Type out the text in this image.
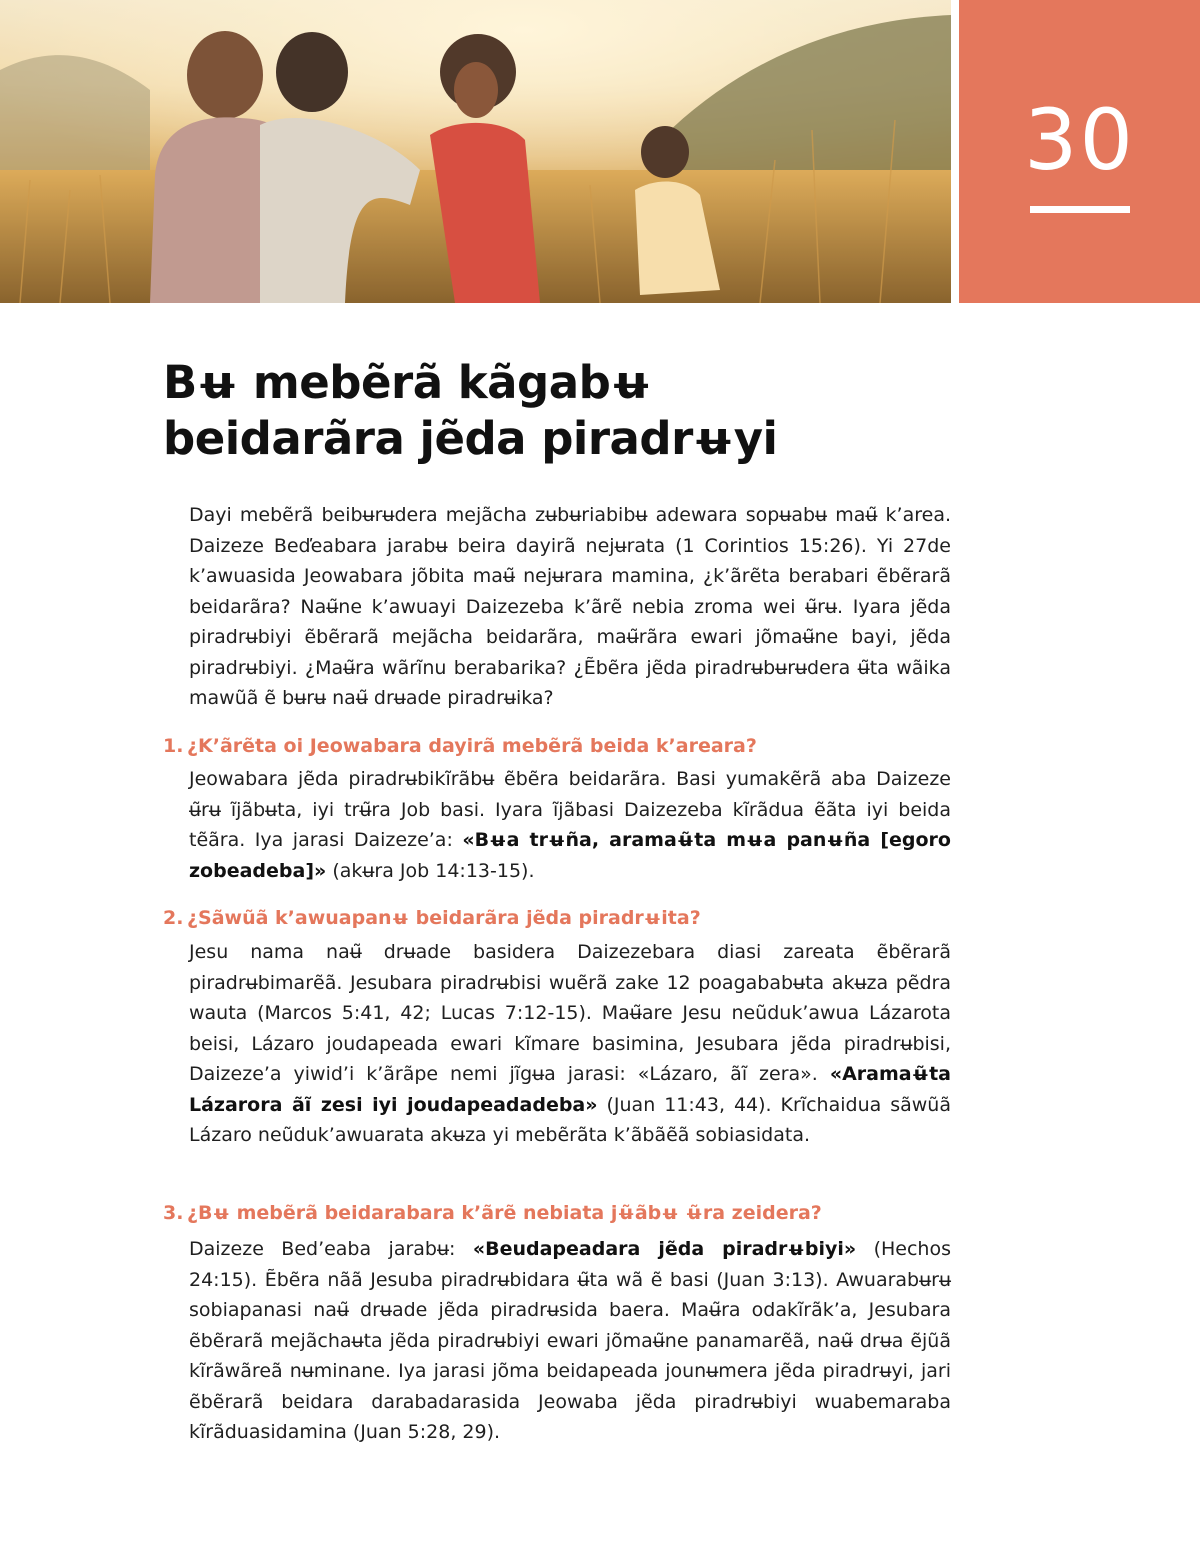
30
Bʉ mebẽrã kãgabʉ
beidarãra jẽda piradrʉyi

Dayi mebẽrã beibʉrʉdera mejãcha zʉbʉriabibʉ adewara sopʉabʉ maʉ̃ k’area. Daizeze Beďeabara jarabʉ beira dayirã nejʉrata (1 Corintios 15:26). Yi 27de k’awuasida Jeowabara jõbita maʉ̃ nejʉrara mamina, ¿k’ãrẽta berabari ẽbẽrarã beidarãra? Naʉ̃ne k’awuayi Daizezeba k’ãrẽ nebia zroma wei ʉ̃rʉ. Iyara jẽda piradrʉbiyi ẽbẽrarã mejãcha beidarãra, maʉ̃rãra ewari jõmaʉ̃ne bayi, jẽda piradrʉbiyi. ¿Maʉ̃ra wãrĩnu berabarika? ¿Ẽbẽra jẽda piradrʉbʉrʉdera ʉ̃ta wãika mawũã ẽ bʉrʉ naʉ̃ drʉade piradrʉika?

1. ¿K’ãrẽta oi Jeowabara dayirã mebẽrã beida k’areara?

Jeowabara jẽda piradrʉbikĩrãbʉ ẽbẽra beidarãra. Basi yumakẽrã aba Daizeze ʉ̃rʉ ĩjãbʉta, iyi trʉ̃ra Job basi. Iyara ĩjãbasi Daizezeba kĩrãdua ẽãta iyi beida tẽãra. Iya jarasi Daizeze’a: «Bʉa trʉña, aramaʉ̃ta mʉa panʉña [egoro zobeadeba]» (akʉra Job 14:13-15).

2. ¿Sãwũã k’awuapanʉ beidarãra jẽda piradrʉita?

Jesu nama naʉ̃ drʉade basidera Daizezebara diasi zareata ẽbẽrarã piradrʉbimarẽã. Jesubara piradrʉbisi wuẽrã zake 12 poagababʉta akʉza pẽdra wauta (Marcos 5:41, 42; Lucas 7:12-15). Maʉ̃are Jesu neũduk’awua Lázarota beisi, Lázaro joudapeada ewari kĩmare basimina, Jesubara jẽda piradrʉbisi, Daizeze’a yiwid’i k’ãrãpe nemi jĩgʉa jarasi: «Lázaro, ãĩ zera». «Aramaʉ̃ta Lázarora ãĩ zesi iyi joudapeadadeba» (Juan 11:43, 44). Krĩchaidua sãwũã Lázaro neũduk’awuarata akʉza yi mebẽrãta k’ãbãẽã sobiasidata.

3. ¿Bʉ mebẽrã beidarabara k’ãrẽ nebiata jʉ̃ãbʉ ʉ̃ra zeidera?

Daizeze Bed’eaba jarabʉ: «Beudapeadara jẽda piradrʉbiyi» (Hechos 24:15). Ẽbẽra nãã Jesuba piradrʉbidara ʉ̃ta wã ẽ basi (Juan 3:13). Awuarabʉrʉ sobiapanasi naʉ̃ drʉade jẽda piradrʉsida baera. Maʉ̃ra odakĩrãk’a, Jesubara ẽbẽrarã mejãchaʉta jẽda piradrʉbiyi ewari jõmaʉ̃ne panamarẽã, naʉ̃ drʉa ẽjũã kĩrãwãreã nʉminane. Iya jarasi jõma beidapeada jounʉmera jẽda piradrʉyi, jari ẽbẽrarã beidara darabadarasida Jeowaba jẽda piradrʉbiyi wuabemaraba kĩrãduasidamina (Juan 5:28, 29).
